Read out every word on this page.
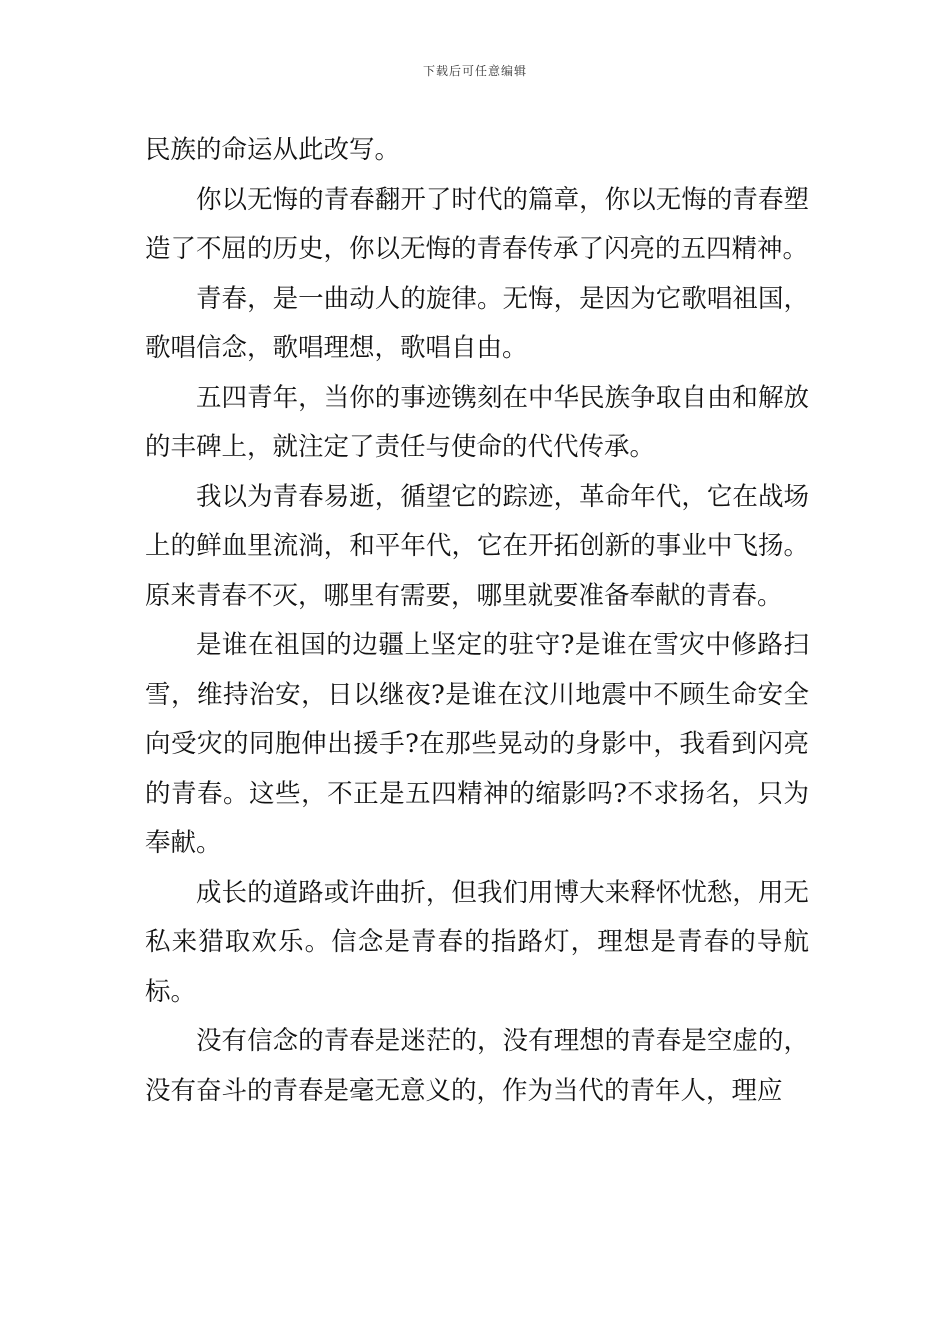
下载后可任意编辑

民族的命运从此改写。

你以无悔的青春翻开了时代的篇章，你以无悔的青春塑造了不屈的历史，你以无悔的青春传承了闪亮的五四精神。

青春，是一曲动人的旋律。无悔，是因为它歌唱祖国，歌唱信念，歌唱理想，歌唱自由。

五四青年，当你的事迹镌刻在中华民族争取自由和解放的丰碑上，就注定了责任与使命的代代传承。

我以为青春易逝，循望它的踪迹，革命年代，它在战场上的鲜血里流淌，和平年代，它在开拓创新的事业中飞扬。原来青春不灭，哪里有需要，哪里就要准备奉献的青春。

是谁在祖国的边疆上坚定的驻守?是谁在雪灾中修路扫雪，维持治安，日以继夜?是谁在汶川地震中不顾生命安全向受灾的同胞伸出援手?在那些晃动的身影中，我看到闪亮的青春。这些，不正是五四精神的缩影吗?不求扬名，只为奉献。

成长的道路或许曲折，但我们用博大来释怀忧愁，用无私来猎取欢乐。信念是青春的指路灯，理想是青春的导航标。

没有信念的青春是迷茫的，没有理想的青春是空虚的，没有奋斗的青春是毫无意义的，作为当代的青年人，理应
